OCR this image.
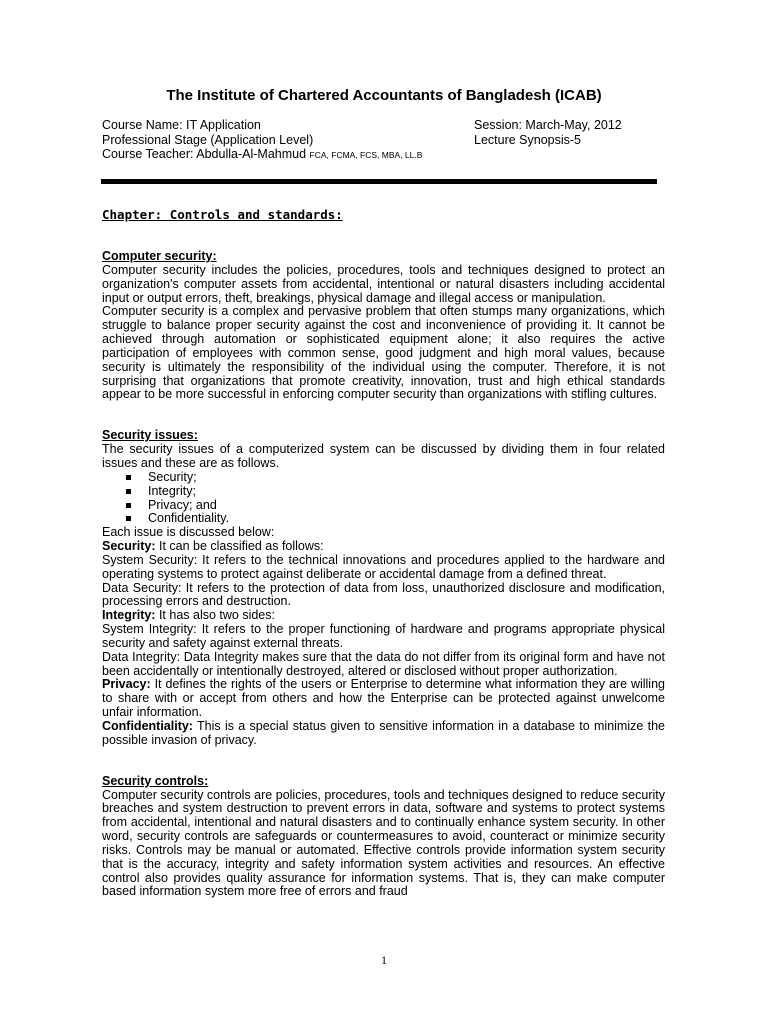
The Institute of Chartered Accountants of Bangladesh (ICAB)
Course Name: IT Application	Session: March-May, 2012
Professional Stage (Application Level)	Lecture Synopsis-5
Course Teacher: Abdulla-Al-Mahmud FCA, FCMA, FCS, MBA, LL.B
Chapter: Controls and standards:

Computer security:

Computer security includes the policies, procedures, tools and techniques designed to protect an organization's computer assets from accidental, intentional or natural disasters including accidental input or output errors, theft, breakings, physical damage and illegal access or manipulation.

Computer security is a complex and pervasive problem that often stumps many organizations, which struggle to balance proper security against the cost and inconvenience of providing it. It cannot be achieved through automation or sophisticated equipment alone; it also requires the active participation of employees with common sense, good judgment and high moral values, because security is ultimately the responsibility of the individual using the computer. Therefore, it is not surprising that organizations that promote creativity, innovation, trust and high ethical standards appear to be more successful in enforcing computer security than organizations with stifling cultures.

Security issues:

The security issues of a computerized system can be discussed by dividing them in four related issues and these are as follows.

Security;
Integrity;
Privacy; and
Confidentiality.

Each issue is discussed below:

Security: It can be classified as follows:

System Security: It refers to the technical innovations and procedures applied to the hardware and operating systems to protect against deliberate or accidental damage from a defined threat.

Data Security: It refers to the protection of data from loss, unauthorized disclosure and modification, processing errors and destruction.

Integrity: It has also two sides:

System Integrity: It refers to the proper functioning of hardware and programs appropriate physical security and safety against external threats.

Data Integrity: Data Integrity makes sure that the data do not differ from its original form and have not been accidentally or intentionally destroyed, altered or disclosed without proper authorization.

Privacy: It defines the rights of the users or Enterprise to determine what information they are willing to share with or accept from others and how the Enterprise can be protected against unwelcome unfair information.

Confidentiality: This is a special status given to sensitive information in a database to minimize the possible invasion of privacy.

Security controls:

Computer security controls are policies, procedures, tools and techniques designed to reduce security breaches and system destruction to prevent errors in data, software and systems to protect systems from accidental, intentional and natural disasters and to continually enhance system security. In other word, security controls are safeguards or countermeasures to avoid, counteract or minimize security risks. Controls may be manual or automated. Effective controls provide information system security that is the accuracy, integrity and safety information system activities and resources. An effective control also provides quality assurance for information systems. That is, they can make computer based information system more free of errors and fraud

1
